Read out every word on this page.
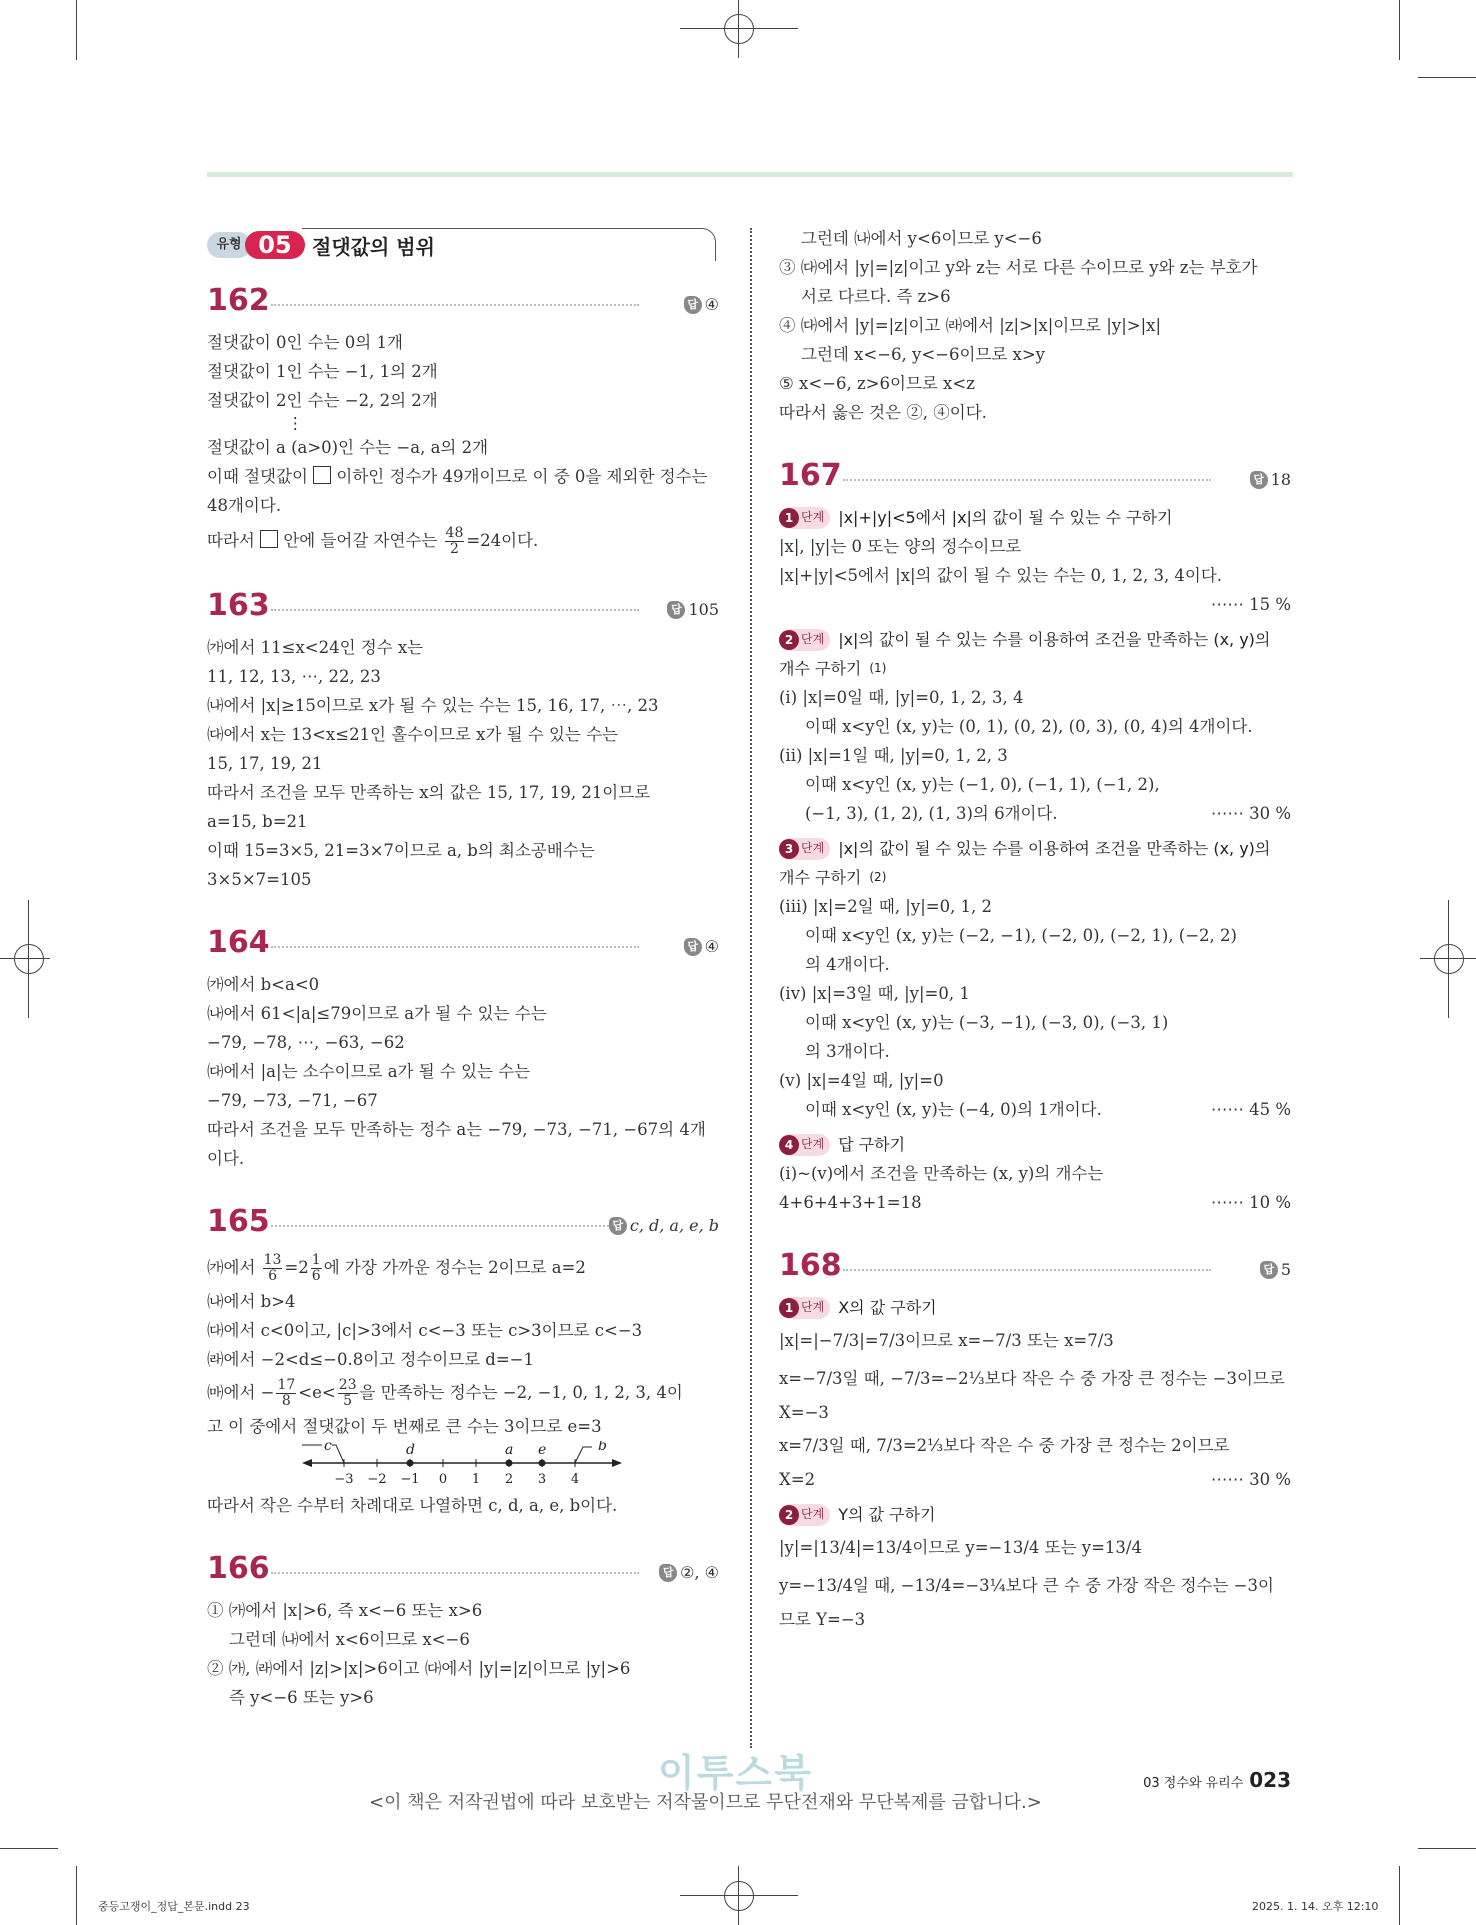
유형 05	절댓값의 범위
162	답 ④
절댓값이 0인 수는 0의 1개
절댓값이 1인 수는 −1, 1의 2개
절댓값이 2인 수는 −2, 2의 2개
⋮
절댓값이 a (a>0)인 수는 −a, a의 2개
이때 절댓값이 이하인 정수가 49개이므로 이 중 0을 제외한 정수는
48개이다.
따라서 안에 들어갈 자연수는 $\frac{48}{2} =24$이다.
163	답 105
㈎에서 11≤x<24인 정수 x는
11, 12, 13, ⋯, 22, 23
㈏에서 |x|≥15이므로 x가 될 수 있는 수는 15, 16, 17, ⋯, 23
㈐에서 x는 13<x≤21인 홀수이므로 x가 될 수 있는 수는
15, 17, 19, 21
따라서 조건을 모두 만족하는 x의 값은 15, 17, 19, 21이므로
a=15, b=21
이때 15=3×5, 21=3×7이므로 a, b의 최소공배수는
3×5×7=105
164	답 ④
㈎에서 b<a<0
㈏에서 61<|a|≤79이므로 a가 될 수 있는 수는
−79, −78, ⋯, −63, −62
㈐에서 |a|는 소수이므로 a가 될 수 있는 수는
−79, −73, −71, −67
따라서 조건을 모두 만족하는 정수 a는 −79, −73, −71, −67의 4개
이다.
165	답 c, d, a, e, b
㈎에서 $\frac{13}{6} =2 \frac{1}{6}$ 에 가장 가까운 정수는 2이므로 a=2
㈏에서 b>4
㈐에서 c<0이고, |c|>3에서 c<−3 또는 c>3이므로 c<−3
㈑에서 −2<d≤−0.8이고 정수이므로 d=−1
㈒에서 − $\frac{17}{8} <e< \frac{23}{5}$ 을 만족하는 정수는 −2, −1, 0, 1, 2, 3, 4이
고 이 중에서 절댓값이 두 번째로 큰 수는 3이므로 e=3
c	d	a e	b
−3 −2 −1 0 1 2 3 4
따라서 작은 수부터 차례대로 나열하면 c, d, a, e, b이다.
166	답 ②, ④
① ㈎에서 |x|>6, 즉 x<−6 또는 x>6
그런데 ㈏에서 x<6이므로 x<−6
② ㈎, ㈑에서 |z|>|x|>6이고 ㈐에서 |y|=|z|이므로 |y|>6
즉 y<−6 또는 y>6
그런데 ㈏에서 y<6이므로 y<−6
③ ㈐에서 |y|=|z|이고 y와 z는 서로 다른 수이므로 y와 z는 부호가
서로 다르다. 즉 z>6
④ ㈐에서 |y|=|z|이고 ㈑에서 |z|>|x|이므로 |y|>|x|
그런데 x<−6, y<−6이므로 x>y
⑤ x<−6, z>6이므로 x<z
따라서 옳은 것은 ②, ④이다.
167	답 18
1 단계 |x|+|y|<5에서 |x|의 값이 될 수 있는 수 구하기
|x|, |y|는 0 또는 양의 정수이므로
|x|+|y|<5에서 |x|의 값이 될 수 있는 수는 0, 1, 2, 3, 4이다.
⋯⋯ 15 %
2 단계 |x|의 값이 될 수 있는 수를 이용하여 조건을 만족하는 (x, y)의
개수 구하기 (1)
(i) |x|=0일 때, |y|=0, 1, 2, 3, 4
이때 x<y인 (x, y)는 (0, 1), (0, 2), (0, 3), (0, 4)의 4개이다.
(ii) |x|=1일 때, |y|=0, 1, 2, 3
이때 x<y인 (x, y)는 (−1, 0), (−1, 1), (−1, 2),
(−1, 3), (1, 2), (1, 3)의 6개이다.	⋯⋯ 30 %
3 단계 |x|의 값이 될 수 있는 수를 이용하여 조건을 만족하는 (x, y)의
개수 구하기 (2)
(iii) |x|=2일 때, |y|=0, 1, 2
이때 x<y인 (x, y)는 (−2, −1), (−2, 0), (−2, 1), (−2, 2)
의 4개이다.
(iv) |x|=3일 때, |y|=0, 1
이때 x<y인 (x, y)는 (−3, −1), (−3, 0), (−3, 1)
의 3개이다.
(v) |x|=4일 때, |y|=0
이때 x<y인 (x, y)는 (−4, 0)의 1개이다.	⋯⋯ 45 %
4 단계 답 구하기
(i)~(v)에서 조건을 만족하는 (x, y)의 개수는
4+6+4+3+1=18	⋯⋯ 10 %
168	답 5
1 단계 X의 값 구하기
|x|=|−7/3|=7/3이므로 x=−7/3 또는 x=7/3
x=−7/3일 때, −7/3=−2⅓보다 작은 수 중 가장 큰 정수는 −3이므로
X=−3
x=7/3일 때, 7/3=2⅓보다 작은 수 중 가장 큰 정수는 2이므로
X=2	⋯⋯ 30 %
2 단계 Y의 값 구하기
|y|=|13/4|=13/4이므로 y=−13/4 또는 y=13/4
y=−13/4일 때, −13/4=−3¼보다 큰 수 중 가장 작은 정수는 −3이
므로 Y=−3
이투스북
<이 책은 저작권법에 따라 보호받는 저작물이므로 무단전재와 무단복제를 금합니다.>
03 정수와 유리수 023
중등고쟁이_정답_본문.indd 23	2025. 1. 14. 오후 12:10
